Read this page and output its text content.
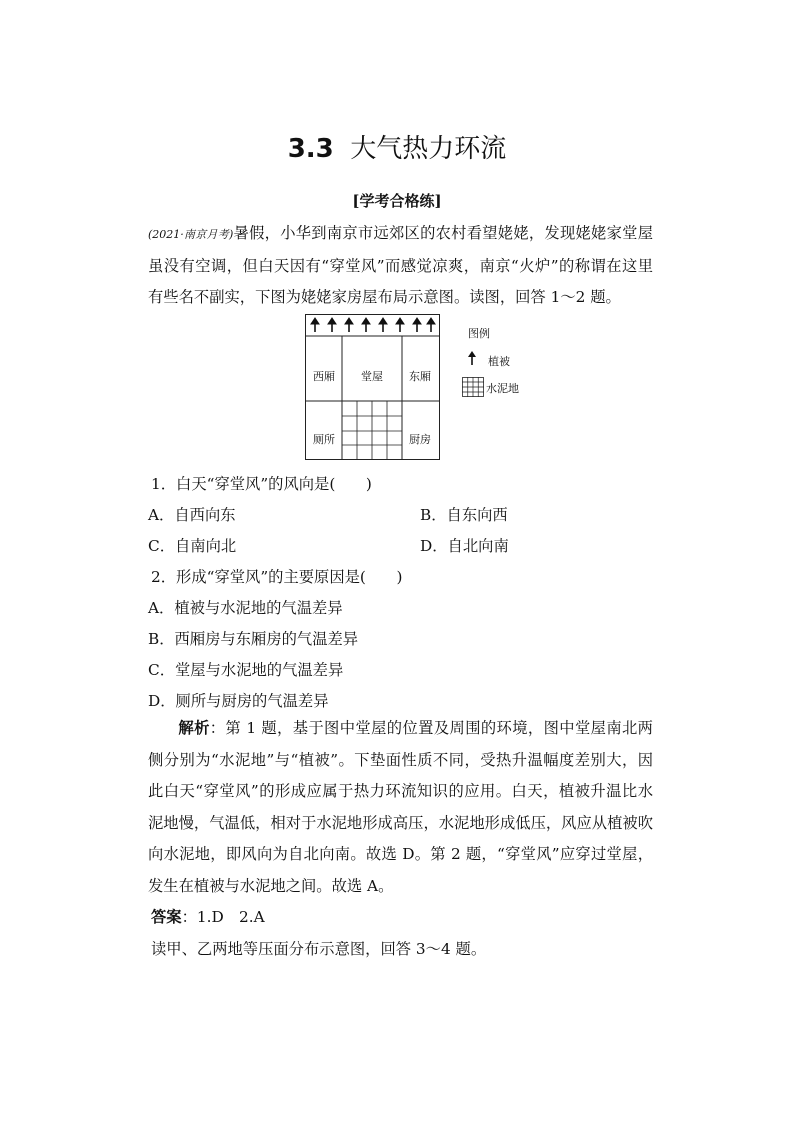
3.3 大气热力环流
[学考合格练]

(2021·南京月考)暑假，小华到南京市远郊区的农村看望姥姥，发现姥姥家堂屋虽没有空调，但白天因有“穿堂风”而感觉凉爽，南京“火炉”的称谓在这里有些名不副实，下图为姥姥家房屋布局示意图。读图，回答 1～2 题。

西厢 堂屋 东厢
厕所	厨房
图例
植被
水泥地
1．白天“穿堂风”的风向是(　　)
A．自西向东	B．自东向西
C．自南向北	D．自北向南
2．形成“穿堂风”的主要原因是(　　)
A．植被与水泥地的气温差异
B．西厢房与东厢房的气温差异
C．堂屋与水泥地的气温差异
D．厕所与厨房的气温差异

解析：第 1 题，基于图中堂屋的位置及周围的环境，图中堂屋南北两侧分别为“水泥地”与“植被”。下垫面性质不同，受热升温幅度差别大，因此白天“穿堂风”的形成应属于热力环流知识的应用。白天，植被升温比水泥地慢，气温低，相对于水泥地形成高压，水泥地形成低压，风应从植被吹向水泥地，即风向为自北向南。故选 D。第 2 题，“穿堂风”应穿过堂屋，发生在植被与水泥地之间。故选 A。

答案：1.D　2.A
读甲、乙两地等压面分布示意图，回答 3～4 题。
